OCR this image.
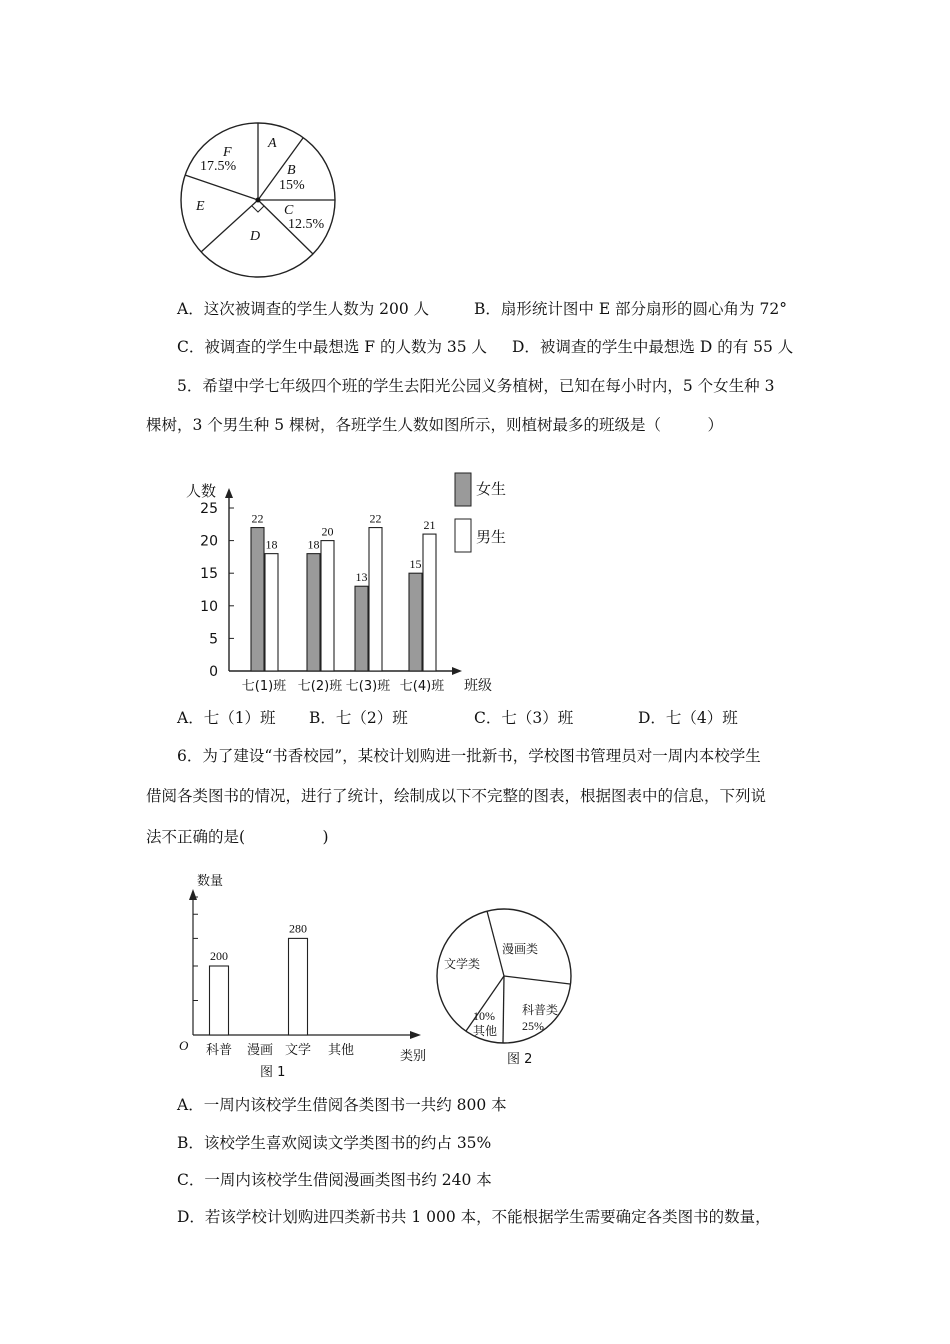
A
B
15%
C
12.5%
D
E
F
17.5%
A．这次被调查的学生人数为 200 人	B．扇形统计图中 E 部分扇形的圆心角为 72°
C．被调查的学生中最想选 F 的人数为 35 人 D．被调查的学生中最想选 D 的有 55 人
5．希望中学七年级四个班的学生去阳光公园义务植树，已知在每小时内，5 个女生种 3
棵树，3 个男生种 5 棵树，各班学生人数如图所示，则植树最多的班级是（　　　）
0
5
10
15
20
25
22
18
七(1)班
18
20
七(2)班
13
22
七(3)班
15
21
七(4)班
人数
班级
女生
男生
A．七（1）班 B．七（2）班	C．七（3）班	D．七（4）班
6．为了建设“书香校园”，某校计划购进一批新书，学校图书管理员对一周内本校学生
借阅各类图书的情况，进行了统计，绘制成以下不完整的图表，根据图表中的信息，下列说
法不正确的是(　　　　　)
200
科普 漫画
280
文学 其他
数量
O
类别
图 1
文学类
漫画类
科普类
25%
10%
其他
图 2
A．一周内该校学生借阅各类图书一共约 800 本
B．该校学生喜欢阅读文学类图书的约占 35%
C．一周内该校学生借阅漫画类图书约 240 本
D．若该学校计划购进四类新书共 1 000 本，不能根据学生需要确定各类图书的数量，
